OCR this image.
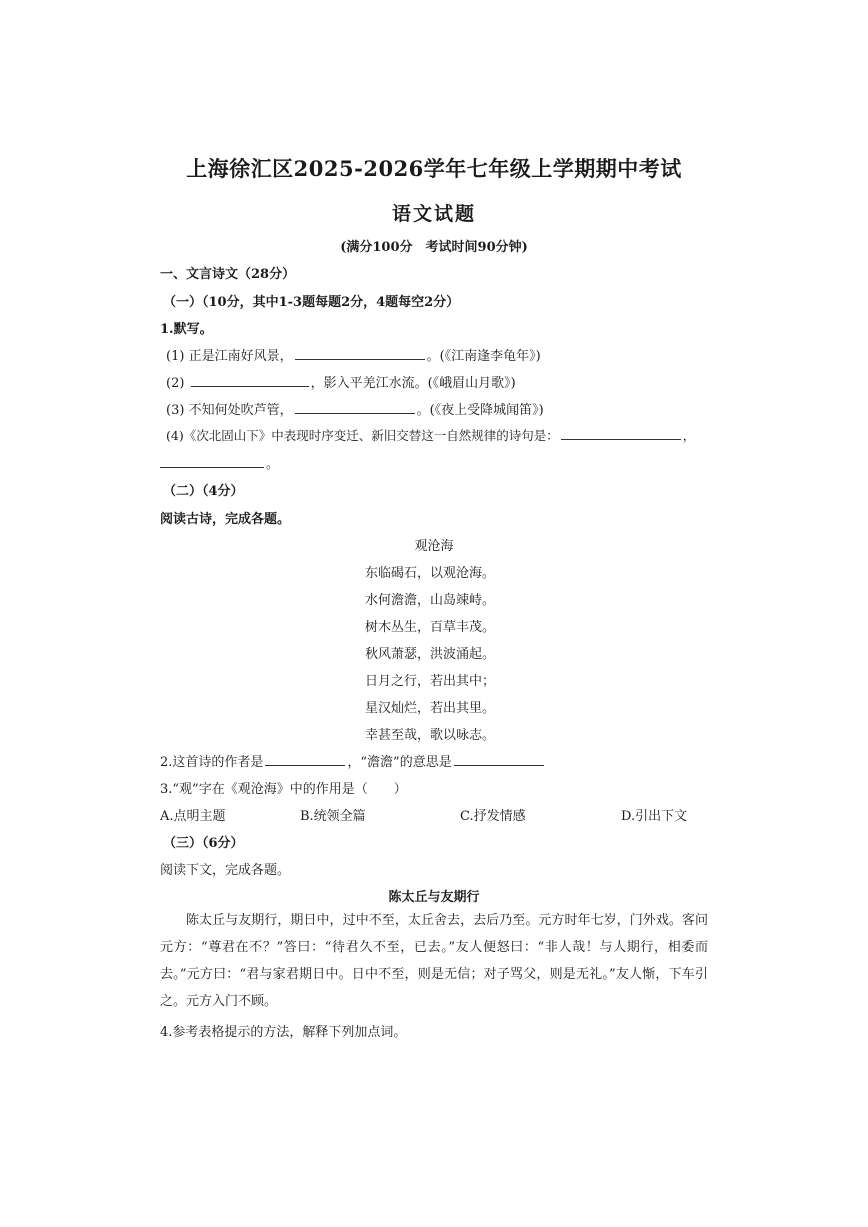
上海徐汇区2025-2026学年七年级上学期期中考试
语文试题
(满分100分　考试时间90分钟)
一、文言诗文（28分）
（一）（10分，其中1-3题每题2分，4题每空2分）
1.默写。
(1) 正是江南好风景，	。(《江南逢李龟年》)
(2)	，影入平羌江水流。(《峨眉山月歌》)
(3) 不知何处吹芦管，	。(《夜上受降城闻笛》)
(4)《次北固山下》中表现时序变迁、新旧交替这一自然规律的诗句是：	，
。
（二）（4分）
阅读古诗，完成各题。
观沧海
东临碣石，以观沧海。
水何澹澹，山岛竦峙。
树木丛生，百草丰茂。
秋风萧瑟，洪波涌起。
日月之行，若出其中；
星汉灿烂，若出其里。
幸甚至哉，歌以咏志。
2.这首诗的作者是	，“澹澹”的意思是
3.“观”字在《观沧海》中的作用是（　　）
A.点明主题	B.统领全篇	C.抒发情感	D.引出下文
（三）（6分）
阅读下文，完成各题。
陈太丘与友期行
陈太丘与友期行，期日中，过中不至，太丘舍去，去后乃至。元方时年七岁，门外戏。客问元方：“尊君在不？”答曰：“待君久不至，已去。”友人便怒曰：“非人哉！与人期行，相委而去。”元方曰：“君与家君期日中。日中不至，则是无信；对子骂父，则是无礼。”友人惭，下车引之。元方入门不顾。
4.参考表格提示的方法，解释下列加点词。
